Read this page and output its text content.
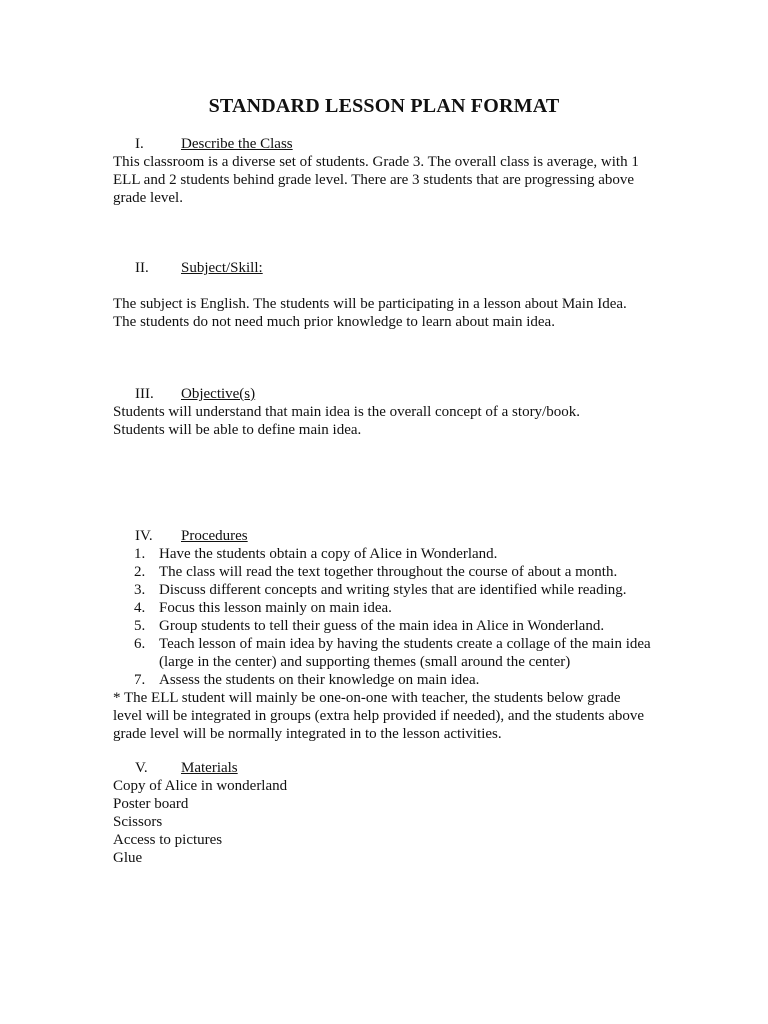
STANDARD LESSON PLAN FORMAT
I. Describe the Class

This classroom is a diverse set of students. Grade 3. The overall class is average, with 1
ELL and 2 students behind grade level. There are 3 students that are progressing above
grade level.

II. Subject/Skill:

The subject is English. The students will be participating in a lesson about Main Idea.
The students do not need much prior knowledge to learn about main idea.

III. Objective(s)

Students will understand that main idea is the overall concept of a story/book.
Students will be able to define main idea.

IV. Procedures
1. Have the students obtain a copy of Alice in Wonderland.
2. The class will read the text together throughout the course of about a month.
3. Discuss different concepts and writing styles that are identified while reading.
4. Focus this lesson mainly on main idea.
5. Group students to tell their guess of the main idea in Alice in Wonderland.
6. Teach lesson of main idea by having the students create a collage of the main idea
(large in the center) and supporting themes (small around the center)
7. Assess the students on their knowledge on main idea.

* The ELL student will mainly be one-on-one with teacher, the students below grade
level will be integrated in groups (extra help provided if needed), and the students above
grade level will be normally integrated in to the lesson activities.

V. Materials

Copy of Alice in wonderland
Poster board
Scissors
Access to pictures
Glue
